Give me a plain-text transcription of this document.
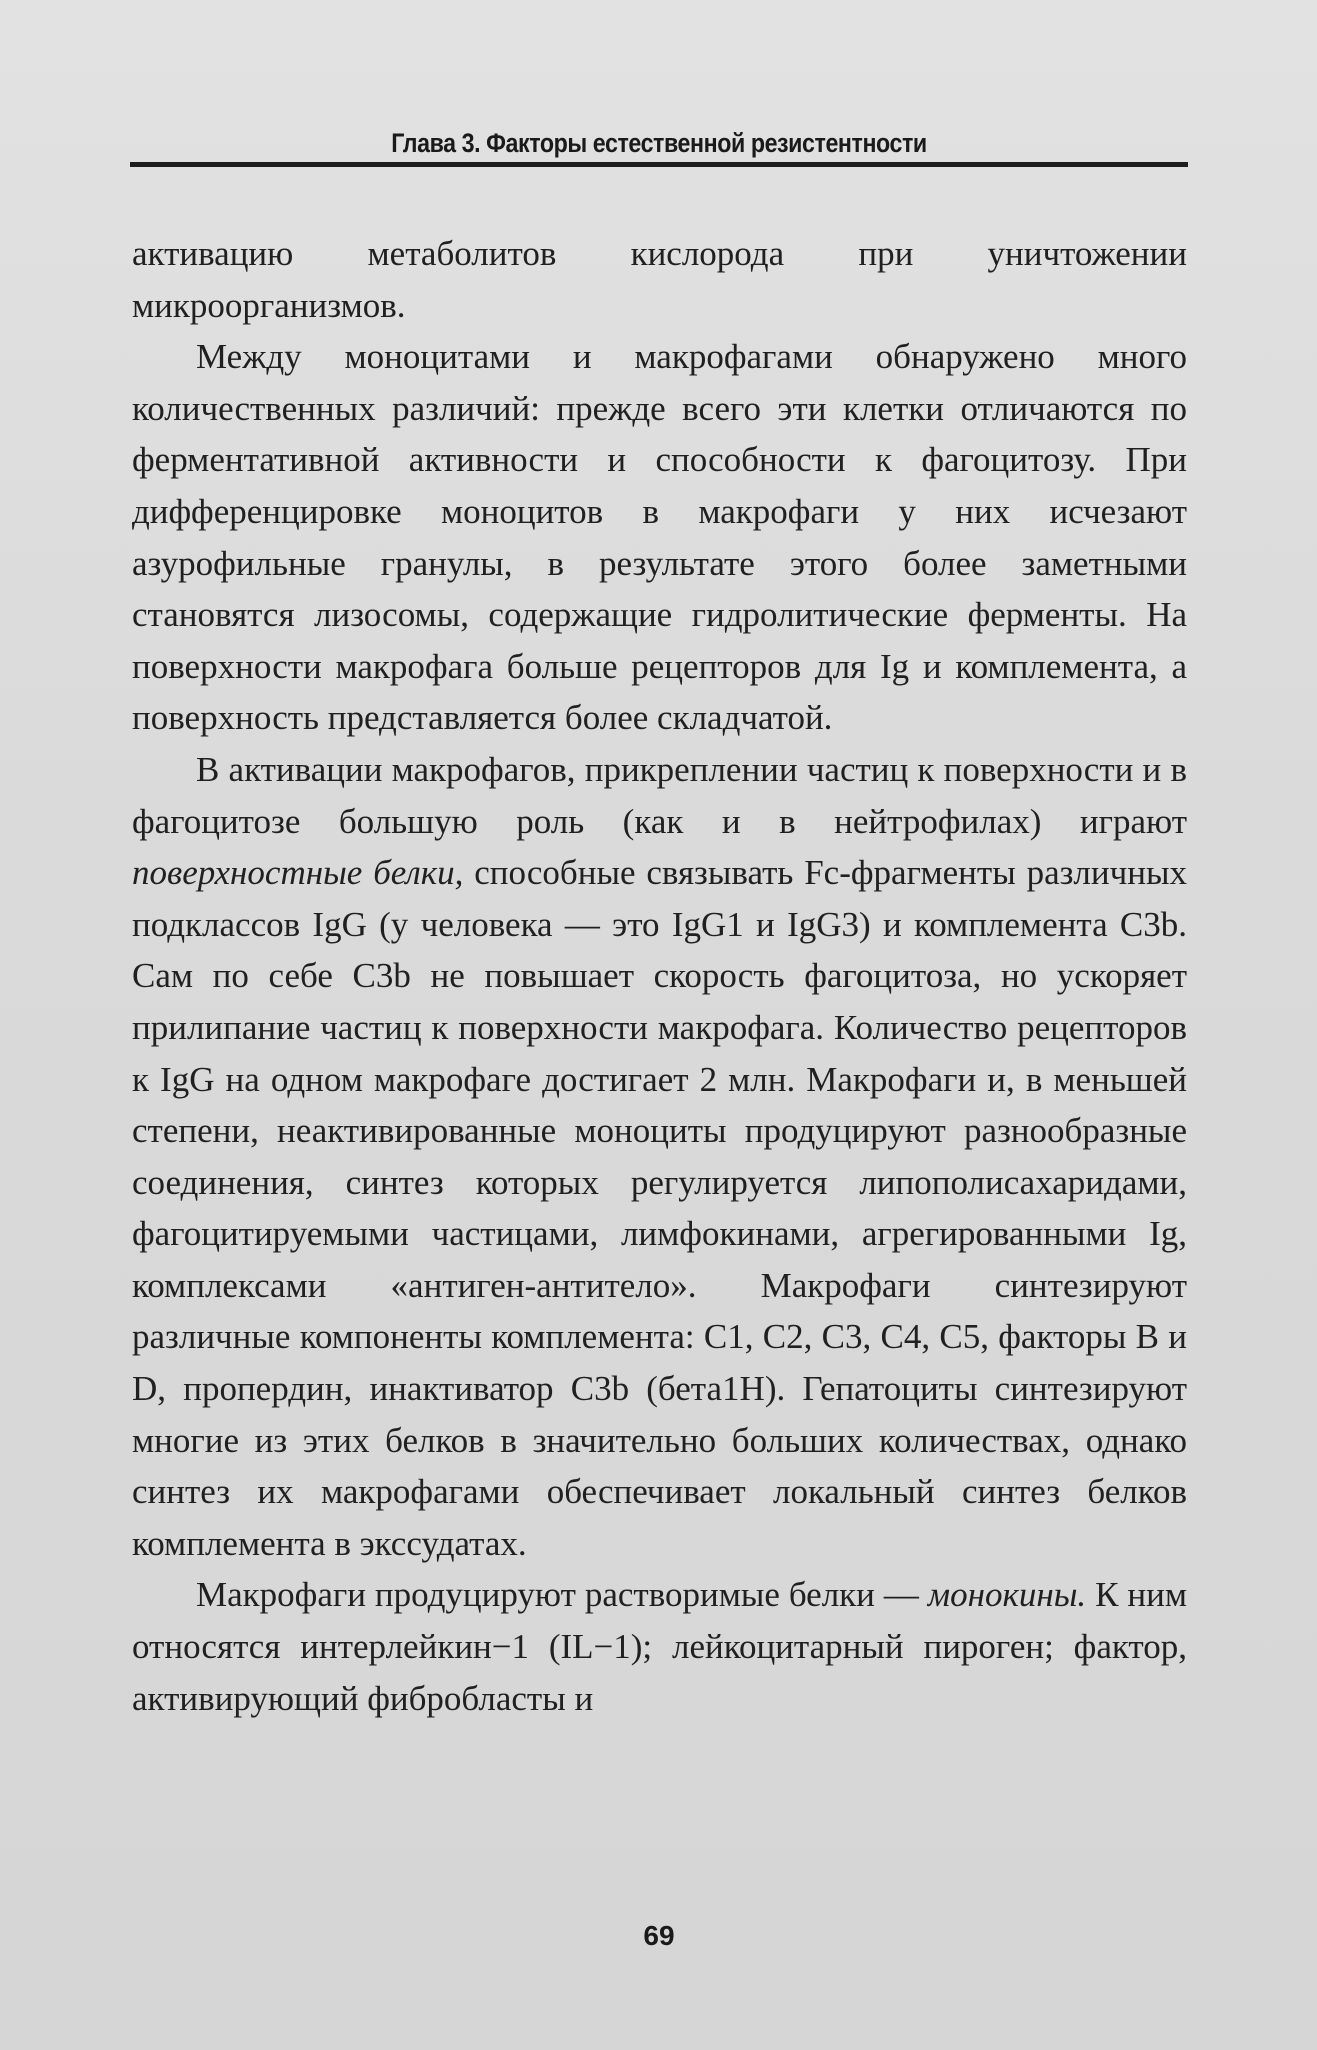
Глава 3. Факторы естественной резистентности

активацию метаболитов кислорода при уничтожении микроорганизмов.

Между моноцитами и макрофагами обнаружено много количественных различий: прежде всего эти клетки отличаются по ферментативной активности и способности к фагоцитозу. При дифференцировке моноцитов в макрофаги у них исчезают азурофильные гранулы, в результате этого более заметными становятся лизосомы, содержащие гидролитические ферменты. На поверхности макрофага больше рецепторов для Ig и комплемента, а поверхность представляется более складчатой.

В активации макрофагов, прикреплении частиц к поверхности и в фагоцитозе большую роль (как и в нейтрофилах) играют поверхностные белки, способные связывать Fc-фрагменты различных подклассов IgG (у человека — это IgG1 и IgG3) и комплемента C3b. Сам по себе C3b не повышает скорость фагоцитоза, но ускоряет прилипание частиц к поверхности макрофага. Количество рецепторов к IgG на одном макрофаге достигает 2 млн. Макрофаги и, в меньшей степени, неактивированные моноциты продуцируют разнообразные соединения, синтез которых регулируется липополисахаридами, фагоцитируемыми частицами, лимфокинами, агрегированными Ig, комплексами «антиген-антитело». Макрофаги синтезируют различные компоненты комплемента: C1, C2, C3, C4, C5, факторы B и D, пропердин, инактиватор C3b (бета1H). Гепатоциты синтезируют многие из этих белков в значительно больших количествах, однако синтез их макрофагами обеспечивает локальный синтез белков комплемента в экссудатах.

Макрофаги продуцируют растворимые белки — монокины. К ним относятся интерлейкин−1 (IL−1); лейкоцитарный пироген; фактор, активирующий фибробласты и

69
